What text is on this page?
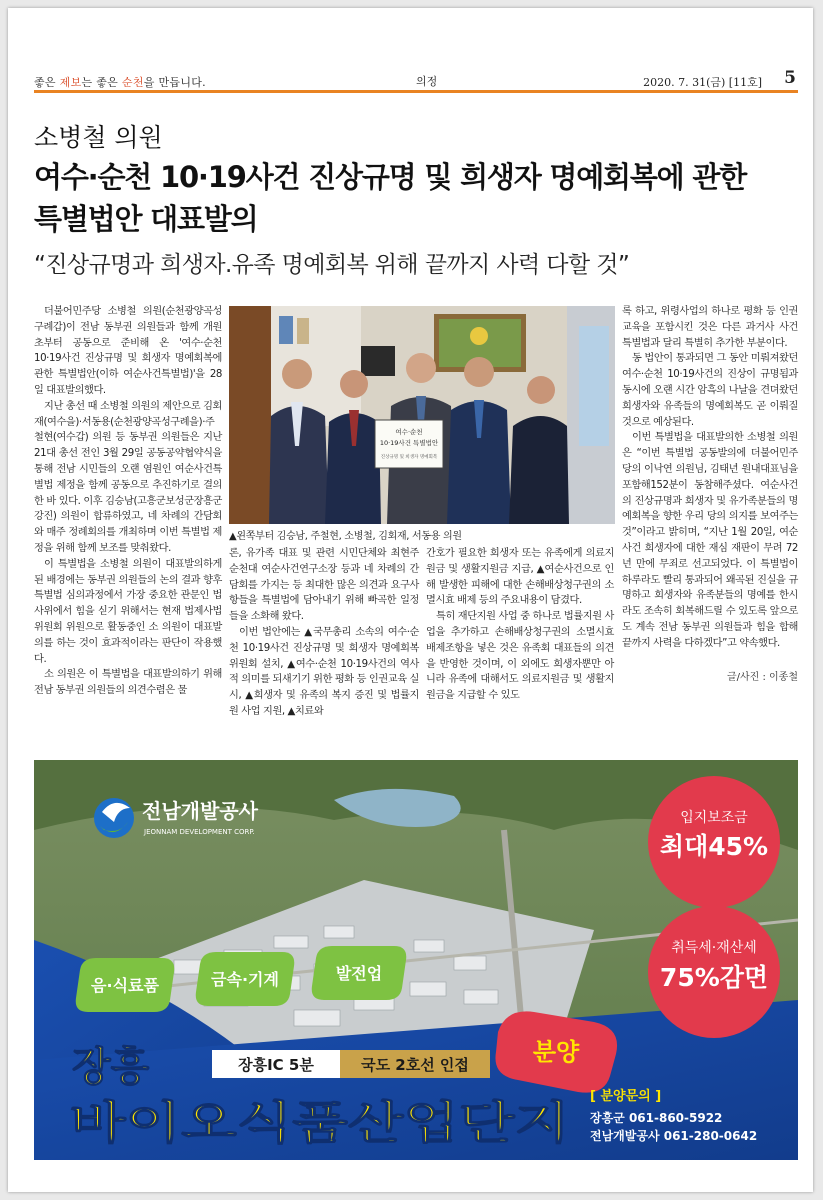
좋은 제보는 좋은 순천을 만듭니다.	의정	2020. 7. 31(금) [11호] 5
소병철 의원
여수·순천 10·19사건 진상규명 및 희생자 명예회복에 관한
특별법안 대표발의
“진상규명과 희생자.유족 명예회복 위해 끝까지 사력 다할 것”

더불어민주당 소병철 의원(순천광양곡성구례갑)이 전남 동부권 의원들과 함께 개원 초부터 공동으로 준비해 온 '여수·순천 10·19사건 진상규명 및 희생자 명예회복에 관한 특별법안(이하 여순사건특별법)'을 28일 대표발의했다.

지난 총선 때 소병철 의원의 제안으로 김회재(여수을)·서동용(순천광양곡성구례을)·주철현(여수갑) 의원 등 동부권 의원들은 지난 21대 총선 전인 3월 29일 공동공약협약식을 통해 전남 시민들의 오랜 염원인 여순사건특별법 제정을 함께 공동으로 추진하기로 결의한 바 있다. 이후 김승남(고흥군보성군장흥군강진) 의원이 합류하였고, 네 차례의 간담회와 매주 정례회의를 개최하며 이번 특별법 제정을 위해 함께 보조를 맞춰왔다.

이 특별법을 소병철 의원이 대표발의하게 된 배경에는 동부권 의원들의 논의 결과 향후 특별법 심의과정에서 가장 중요한 관문인 법사위에서 힘을 싣기 위해서는 현재 법제사법위원회 위원으로 활동중인 소 의원이 대표발의를 하는 것이 효과적이라는 판단이 작용했다.

소 의원은 이 특별법을 대표발의하기 위해 전남 동부권 의원들의 의견수렴은 물

여수·순천
10·19사건 특별법안
진상규명 및 희생자 명예회복
▲왼쪽부터 김승남, 주철현, 소병철, 김회재, 서동용 의원

론, 유가족 대표 및 관련 시민단체와 최현주 순천대 여순사건연구소장 등과 네 차례의 간담회를 가지는 등 최대한 많은 의견과 요구사항들을 특별법에 담아내기 위해 빠곡한 일정들을 소화해 왔다.

이번 법안에는 ▲국무총리 소속의 여수·순천 10·19사건 진상규명 및 희생자 명예회복위원회 설치, ▲여수·순천 10·19사건의 역사적 의미를 되새기기 위한 평화 등 인권교육 실시, ▲희생자 및 유족의 복지 증진 및 법률지원 사업 지원, ▲치료와

간호가 필요한 희생자 또는 유족에게 의료지원금 및 생활지원금 지급, ▲여순사건으로 인해 발생한 피해에 대한 손해배상청구권의 소멸시효 배제 등의 주요내용이 담겼다.

특히 재단지원 사업 중 하나로 법률지원 사업을 추가하고 손해배상청구권의 소멸시효 배제조항을 넣은 것은 유족회 대표들의 의견을 반영한 것이며, 이 외에도 희생자뿐만 아니라 유족에 대해서도 의료지원금 및 생활지원금을 지급할 수 있도

록 하고, 위령사업의 하나로 평화 등 인권교육을 포함시킨 것은 다른 과거사 사건 특별법과 달리 특별히 추가한 부분이다.

동 법안이 통과되면 그 동안 미뤄져왔던 여수·순천 10·19사건의 진상이 규명됨과 동시에 오랜 시간 암흑의 나날을 견뎌왔던 희생자와 유족들의 명예회복도 곧 이뤄질 것으로 예상된다.

이번 특별법을 대표발의한 소병철 의원은 “이번 특별법 공동발의에 더불어민주당의 이낙연 의원님, 김태년 원내대표님을 포함해152분이 동참해주셨다. 여순사건의 진상규명과 희생자 및 유가족분들의 명예회복을 향한 우리 당의 의지를 보여주는 것”이라고 밝히며, “지난 1월 20일, 여순사건 희생자에 대한 재심 재판이 무려 72년 만에 무죄로 선고되었다. 이 특별법이 하루라도 빨리 통과되어 왜곡된 진실을 규명하고 희생자와 유족분들의 명예를 한시라도 조속히 회복해드릴 수 있도록 앞으로도 계속 전남 동부권 의원들과 힘을 합해 끝까지 사력을 다하겠다”고 약속했다.

글/사진 : 이종철
전남개발공사
JEONNAM DEVELOPMENT CORP.
입지보조금
최대45%
취득세·재산세
75%감면
음·식료품	금속·기계	발전업
분양
장흥	장흥IC 5분	국도 2호선 인접
바이오식품산업단지 [ 분양문의 ]
장흥군 061-860-5922
전남개발공사 061-280-0642
